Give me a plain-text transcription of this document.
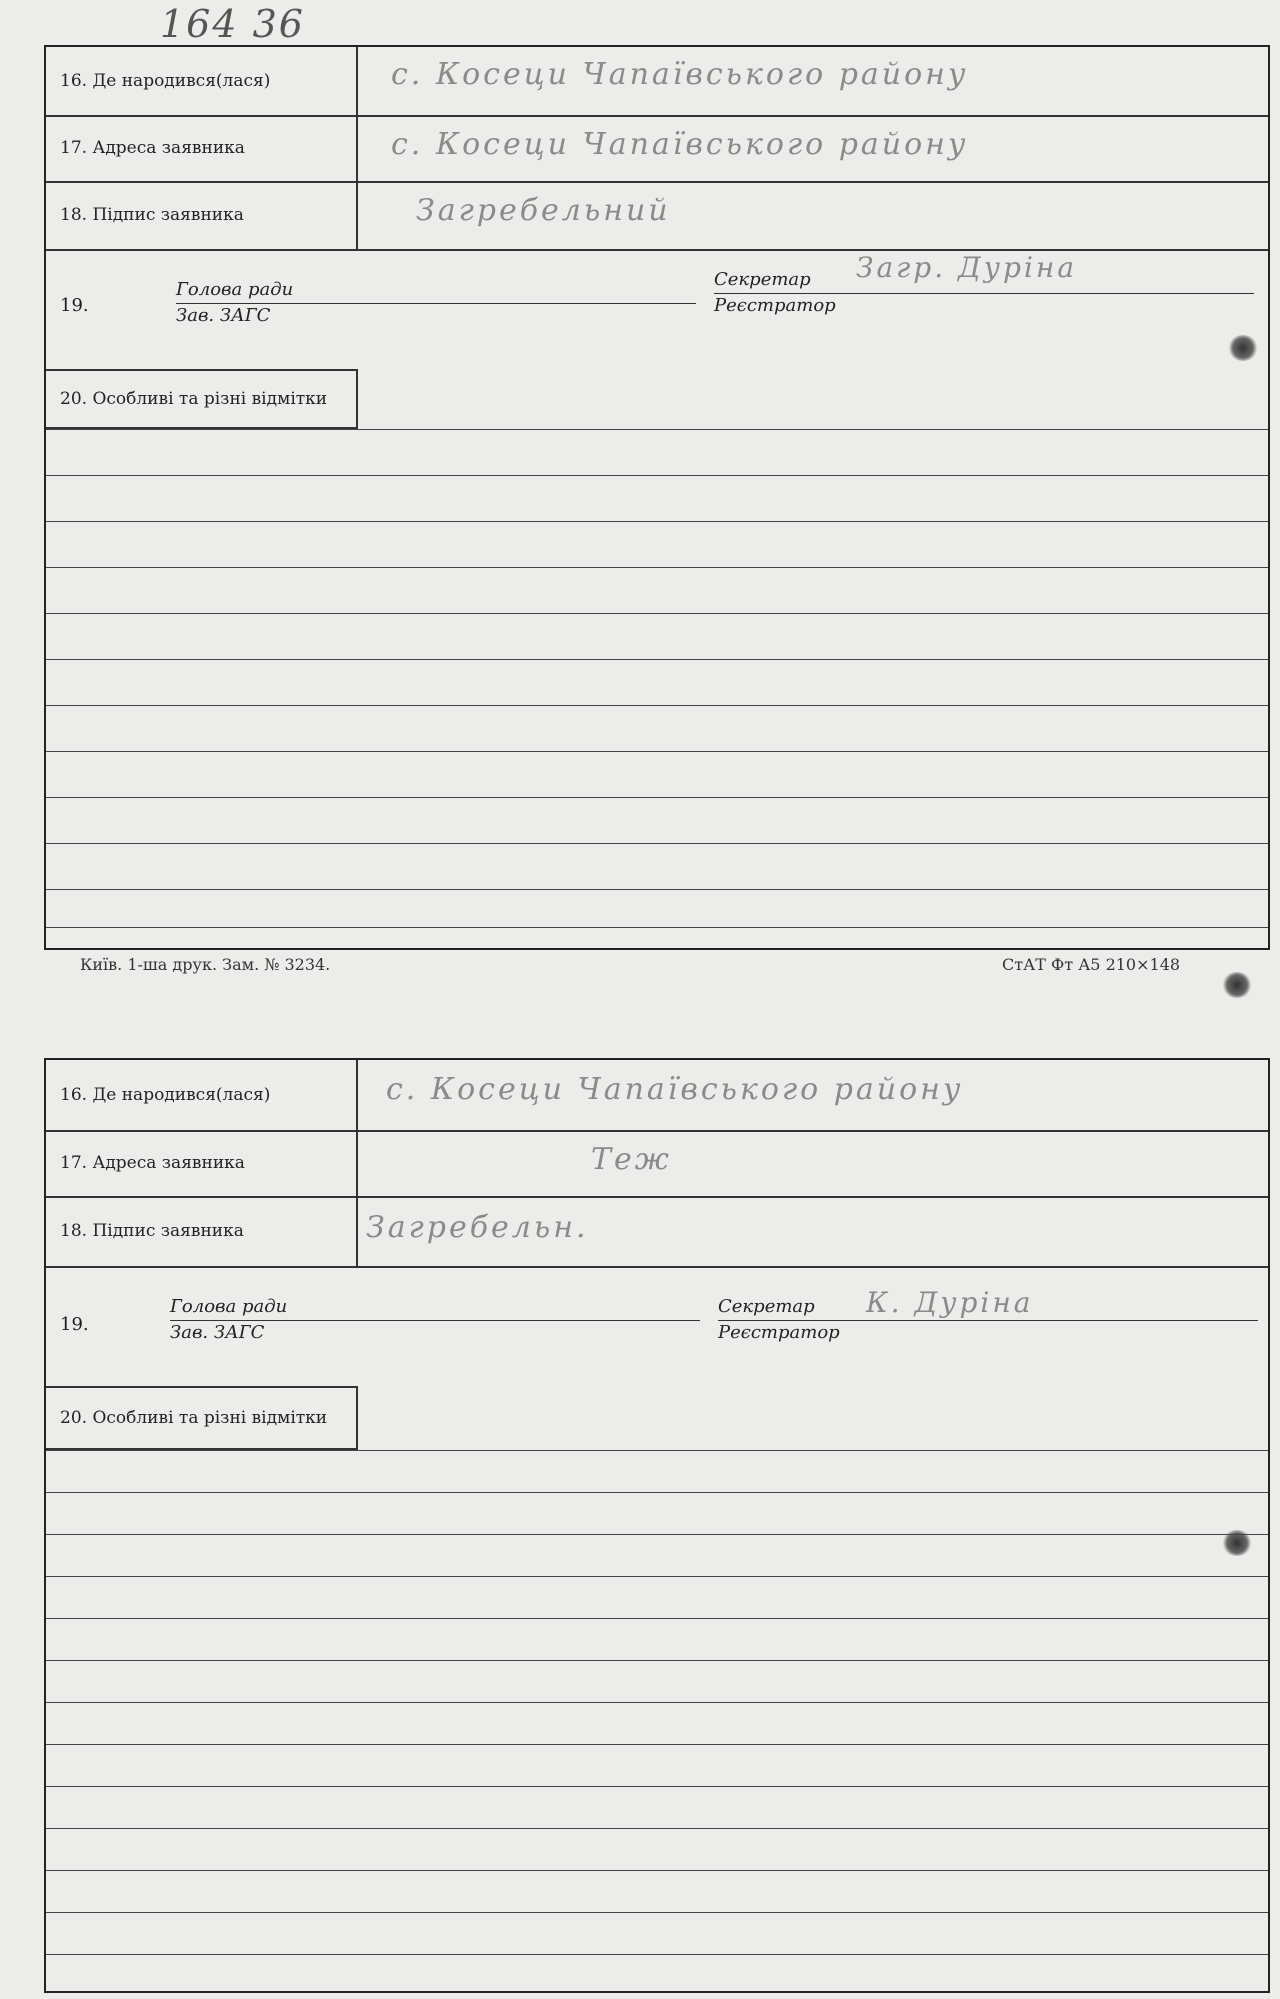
164 36
16. Де народився(лася)	с. Косеци Чапаївського району
17. Адреса заявника	с. Косеци Чапаївського району
18. Підпис заявника	Загребельний
19.
Голова ради
Зав. ЗАГС
Секретар
Реєстратор
Загр. Дуріна
20. Особливі та різні відмітки
Київ. 1-ша друк. Зам. № 3234.	СтАТ Фт А5 210×148
16. Де народився(лася)	с. Косеци Чапаївського району
17. Адреса заявника	Теж
18. Підпис заявника	Загребельн.
19.
Голова ради
Зав. ЗАГС
Секретар
Реєстратор
К. Дуріна
20. Особливі та різні відмітки
